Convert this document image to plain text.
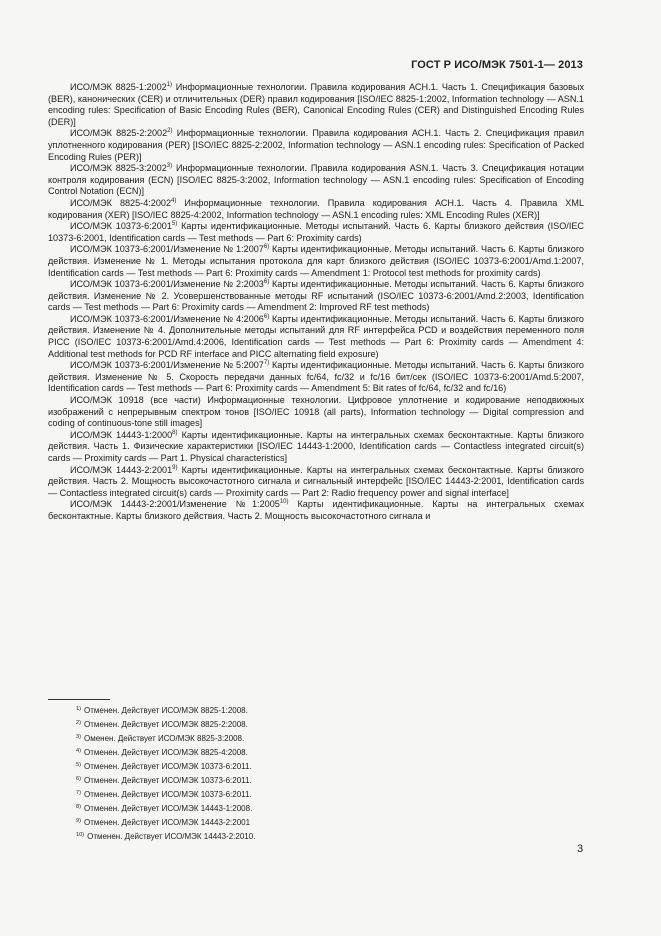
ГОСТ Р ИСО/МЭК 7501-1— 2013

ИСО/МЭК 8825-1:2002$^{1)}$ Информационные технологии. Правила кодирования АСН.1. Часть 1. Спецификация базовых (BER), канонических (CER) и отличительных (DER) правил кодирования [ISO/IEC 8825-1:2002, Information technology — ASN.1 encoding rules: Specification of Basic Encoding Rules (BER), Canonical Encoding Rules (CER) and Distinguished Encoding Rules (DER)]

ИСО/МЭК 8825-2:2002$^{2)}$ Информационные технологии. Правила кодирования АСН.1. Часть 2. Спецификация правил уплотненного кодирования (PER) [ISO/IEC 8825-2:2002, Information technology — ASN.1 encoding rules: Specification of Packed Encoding Rules (PER)]

ИСО/МЭК 8825-3:2002$^{3)}$ Информационные технологии. Правила кодирования ASN.1. Часть 3. Спецификация нотации контроля кодирования (ECN) [ISO/IEC 8825-3:2002, Information technology — ASN.1 encoding rules: Specification of Encoding Control Notation (ECN)]

ИСО/МЭК 8825-4:2002$^{4)}$ Информационные технологии. Правила кодирования АСН.1. Часть 4. Правила XML кодирования (XER) [ISO/IEC 8825-4:2002, Information technology — ASN.1 encoding rules: XML Encoding Rules (XER)]

ИСО/МЭК 10373-6:2001$^{5)}$ Карты идентификационные. Методы испытаний. Часть 6. Карты близкого действия (ISO/IEC 10373-6:2001, Identification cards — Test methods — Part 6: Proximity cards)

ИСО/МЭК 10373-6:2001/Изменение № 1:2007$^{6)}$ Карты идентификационные. Методы испытаний. Часть 6. Карты близкого действия. Изменение № 1. Методы испытания протокола для карт близкого действия (ISO/IEC 10373-6:2001/Amd.1:2007, Identification cards — Test methods — Part 6: Proximity cards — Amendment 1: Protocol test methods for proximity cards)

ИСО/МЭК 10373-6:2001/Изменение № 2:2003$^{6)}$ Карты идентификационные. Методы испытаний. Часть 6. Карты близкого действия. Изменение № 2. Усовершенствованные методы RF испытаний (ISO/IEC 10373-6:2001/Amd.2:2003, Identification cards — Test methods — Part 6: Proximity cards — Amendment 2: Improved RF test methods)

ИСО/МЭК 10373-6:2001/Изменение № 4:2006$^{6)}$ Карты идентификационные. Методы испытаний. Часть 6. Карты близкого действия. Изменение № 4. Дополнительные методы испытаний для RF интерфейса PCD и воздействия переменного поля PICC (ISO/IEC 10373-6:2001/Amd.4:2006, Identification cards — Test methods — Part 6: Proximity cards — Amendment 4: Additional test methods for PCD RF interface and PICC alternating field exposure)

ИСО/МЭК 10373-6:2001/Изменение № 5:2007$^{7)}$ Карты идентификационные. Методы испытаний. Часть 6. Карты близкого действия. Изменение № 5. Скорость передачи данных fc/64, fc/32 и fc/16 бит/сек (ISO/IEC 10373-6:2001/Amd.5:2007, Identification cards — Test methods — Part 6: Proximity cards — Amendment 5: Bit rates of fc/64, fc/32 and fc/16)

ИСО/МЭК 10918 (все части) Информационные технологии. Цифровое уплотнение и кодирование неподвижных изображений с непрерывным спектром тонов [ISO/IEC 10918 (all parts), Information technology — Digital compression and coding of continuous-tone still images]

ИСО/МЭК 14443-1:2000$^{8)}$ Карты идентификационные. Карты на интегральных схемах бесконтактные. Карты близкого действия. Часть 1. Физические характеристики [ISO/IEC 14443-1:2000, Identification cards — Contactless integrated circuit(s) cards — Proximity cards — Part 1. Physical characteristics]

ИСО/МЭК 14443-2:2001$^{9)}$ Карты идентификационные. Карты на интегральных схемах бесконтактные. Карты близкого действия. Часть 2. Мощность высокочастотного сигнала и сигнальный интерфейс [ISO/IEC 14443-2:2001, Identification cards — Contactless integrated circuit(s) cards — Proximity cards — Part 2: Radio frequency power and signal interface]

ИСО/МЭК 14443-2:2001/Изменение №1:2005$^{10)}$ Карты идентификационные. Карты на интегральных схемах бесконтактные. Карты близкого действия. Часть 2. Мощность высокочастотного сигнала и

$^{1)}$ Отменен. Действует ИСО/МЭК 8825-1:2008.
$^{2)}$ Отменен. Действует ИСО/МЭК 8825-2:2008.
$^{3)}$ Оменен. Действует ИСО/МЭК 8825-3:2008.
$^{4)}$ Отменен. Действует ИСО/МЭК 8825-4:2008.
$^{5)}$ Отменен. Действует ИСО/МЭК 10373-6:2011.
$^{6)}$ Отменен. Действует ИСО/МЭК 10373-6:2011.
$^{7)}$ Отменен. Действует ИСО/МЭК 10373-6:2011.
$^{8)}$ Отменен. Действует ИСО/МЭК 14443-1:2008.
$^{9)}$ Отменен. Действует ИСО/МЭК 14443-2:2001
$^{10)}$ Отменен. Действует ИСО/МЭК 14443-2:2010.
3
